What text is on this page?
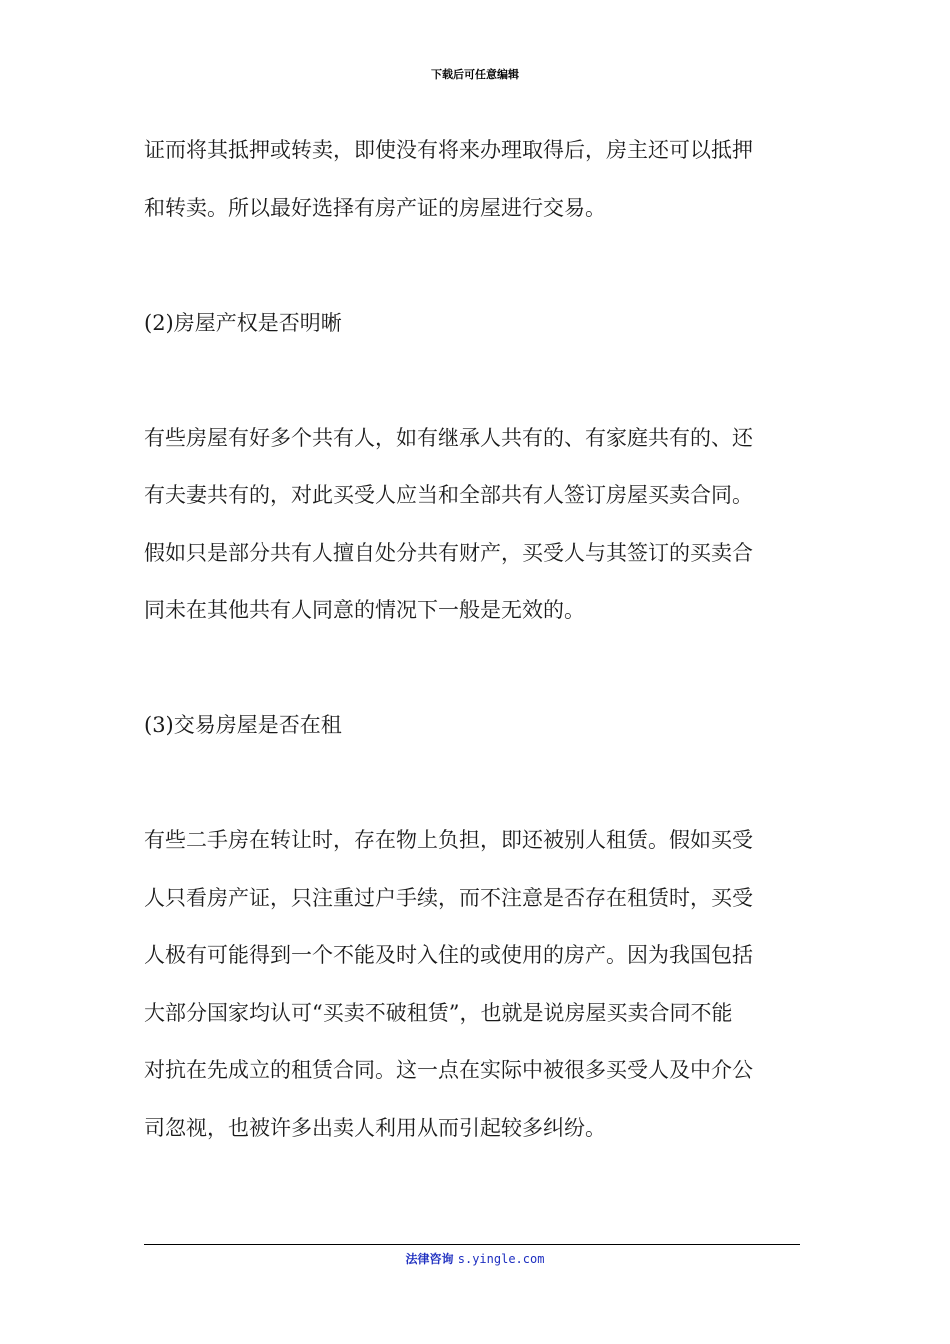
下载后可任意编辑
证而将其抵押或转卖，即使没有将来办理取得后，房主还可以抵押
和转卖。所以最好选择有房产证的房屋进行交易。
(2)房屋产权是否明晰
有些房屋有好多个共有人，如有继承人共有的、有家庭共有的、还
有夫妻共有的，对此买受人应当和全部共有人签订房屋买卖合同。
假如只是部分共有人擅自处分共有财产，买受人与其签订的买卖合
同未在其他共有人同意的情况下一般是无效的。
(3)交易房屋是否在租
有些二手房在转让时，存在物上负担，即还被别人租赁。假如买受
人只看房产证，只注重过户手续，而不注意是否存在租赁时，买受
人极有可能得到一个不能及时入住的或使用的房产。因为我国包括
大部分国家均认可“买卖不破租赁”，也就是说房屋买卖合同不能
对抗在先成立的租赁合同。这一点在实际中被很多买受人及中介公
司忽视，也被许多出卖人利用从而引起较多纠纷。
法律咨询 s.yingle.com
